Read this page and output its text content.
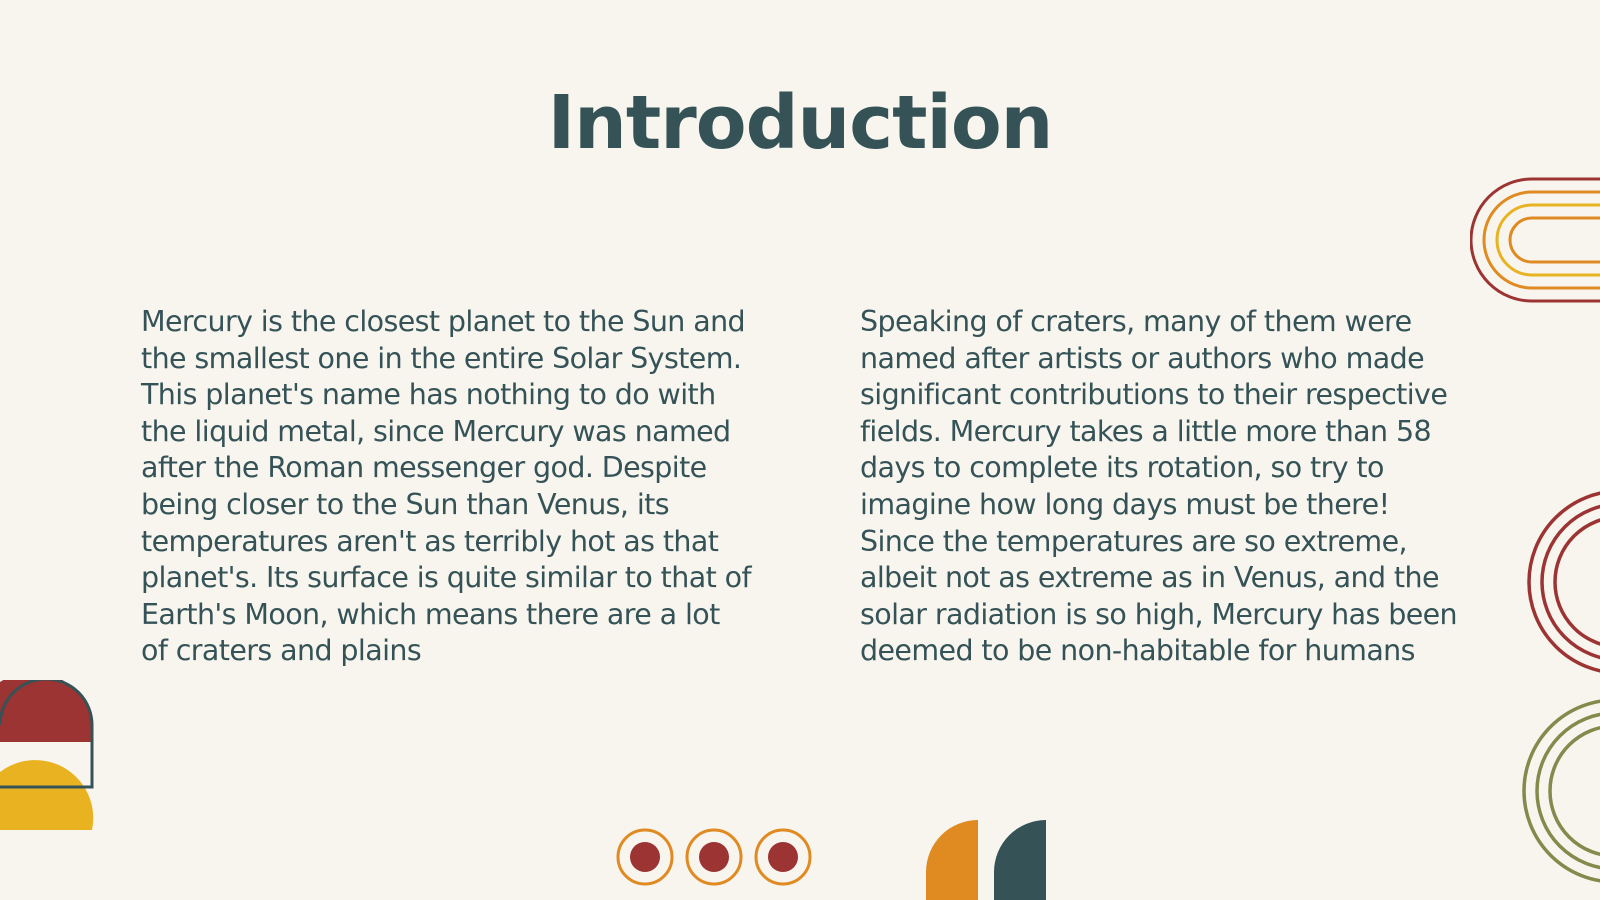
Introduction

Mercury is the closest planet to the Sun and
the smallest one in the entire Solar System.
This planet's name has nothing to do with
the liquid metal, since Mercury was named
after the Roman messenger god. Despite
being closer to the Sun than Venus, its
temperatures aren't as terribly hot as that
planet's. Its surface is quite similar to that of
Earth's Moon, which means there are a lot
of craters and plains

Speaking of craters, many of them were
named after artists or authors who made
significant contributions to their respective
fields. Mercury takes a little more than 58
days to complete its rotation, so try to
imagine how long days must be there!
Since the temperatures are so extreme,
albeit not as extreme as in Venus, and the
solar radiation is so high, Mercury has been
deemed to be non-habitable for humans
